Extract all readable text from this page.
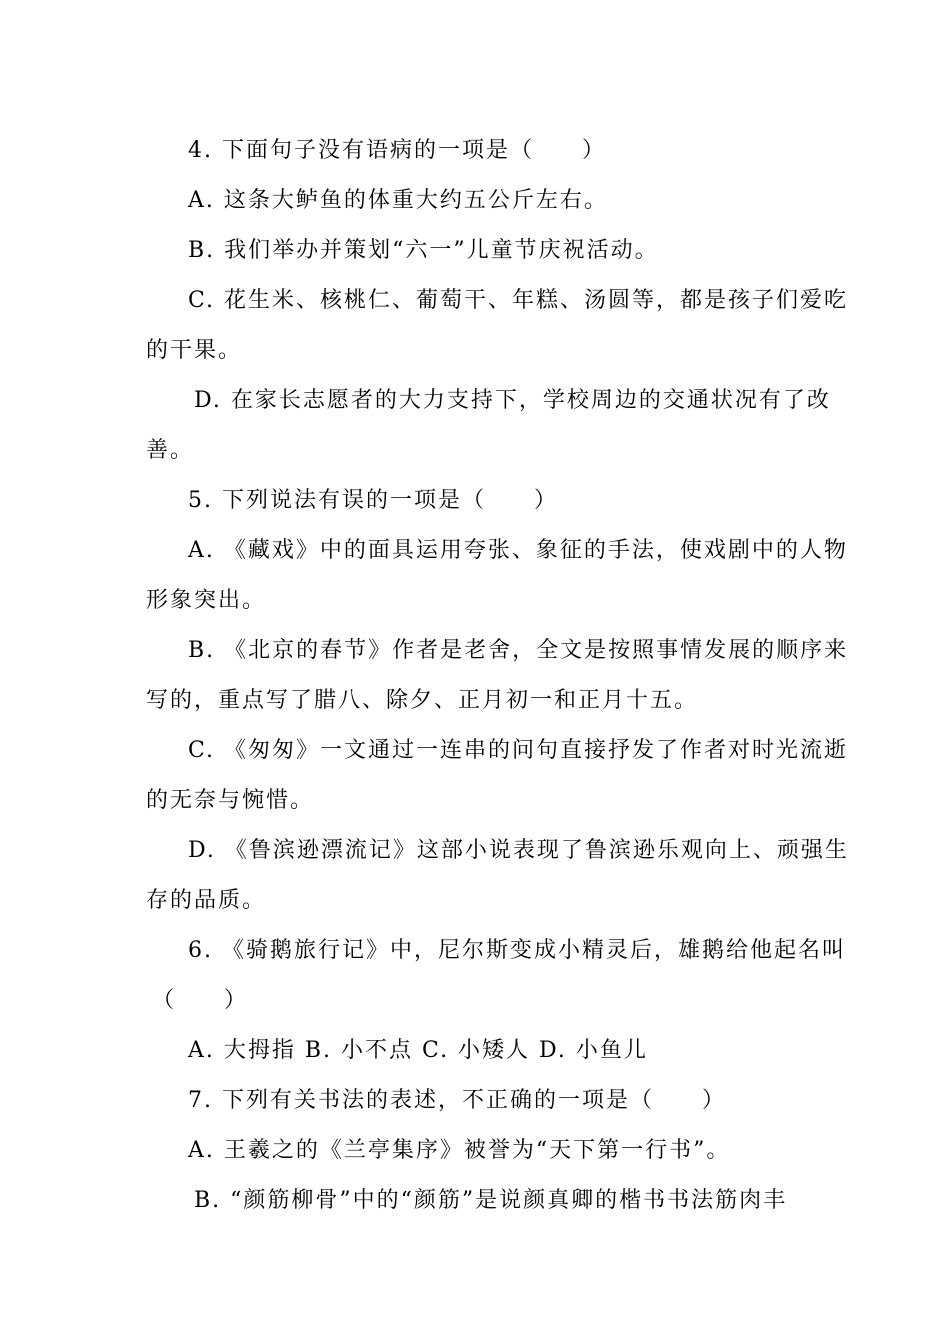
4. 下面句子没有语病的一项是（　　）
A. 这条大鲈鱼的体重大约五公斤左右。
B. 我们举办并策划“六一”儿童节庆祝活动。
C. 花生米、核桃仁、葡萄干、年糕、汤圆等，都是孩子们爱吃
的干果。
D. 在家长志愿者的大力支持下，学校周边的交通状况有了改
善。
5. 下列说法有误的一项是（　　）
A. 《藏戏》中的面具运用夸张、象征的手法，使戏剧中的人物
形象突出。
B. 《北京的春节》作者是老舍，全文是按照事情发展的顺序来
写的，重点写了腊八、除夕、正月初一和正月十五。
C. 《匆匆》一文通过一连串的问句直接抒发了作者对时光流逝
的无奈与惋惜。
D. 《鲁滨逊漂流记》这部小说表现了鲁滨逊乐观向上、顽强生
存的品质。
6. 《骑鹅旅行记》中，尼尔斯变成小精灵后，雄鹅给他起名叫
（　　）
A. 大拇指 B. 小不点 C. 小矮人 D. 小鱼儿
7. 下列有关书法的表述，不正确的一项是（　　）
A. 王羲之的《兰亭集序》被誉为“天下第一行书”。
B. “颜筋柳骨”中的“颜筋”是说颜真卿的楷书书法筋肉丰
